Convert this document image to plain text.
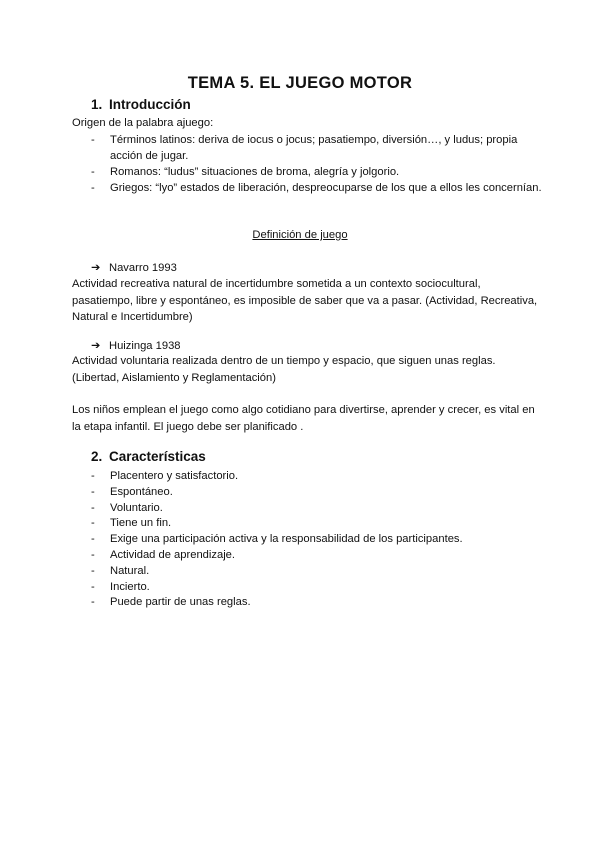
TEMA 5. EL JUEGO MOTOR
1. Introducción
Origen de la palabra ajuego:
- Términos latinos: deriva de iocus o jocus; pasatiempo, diversión…, y ludus; propia acción de jugar.
- Romanos: “ludus” situaciones de broma, alegría y jolgorio.
- Griegos: “lyo” estados de liberación, despreocuparse de los que a ellos les concernían.
Definición de juego
➔ Navarro 1993
Actividad recreativa natural de incertidumbre sometida a un contexto sociocultural, pasatiempo, libre y espontáneo, es imposible de saber que va a pasar. (Actividad, Recreativa, Natural e Incertidumbre)
➔ Huizinga 1938
Actividad voluntaria realizada dentro de un tiempo y espacio, que siguen unas reglas. (Libertad, Aislamiento y Reglamentación)
Los niños emplean el juego como algo cotidiano para divertirse, aprender y crecer, es vital en la etapa infantil. El juego debe ser planificado .
2. Características
- Placentero y satisfactorio.
- Espontáneo.
- Voluntario.
- Tiene un fin.
- Exige una participación activa y la responsabilidad de los participantes.
- Actividad de aprendizaje.
- Natural.
- Incierto.
- Puede partir de unas reglas.
